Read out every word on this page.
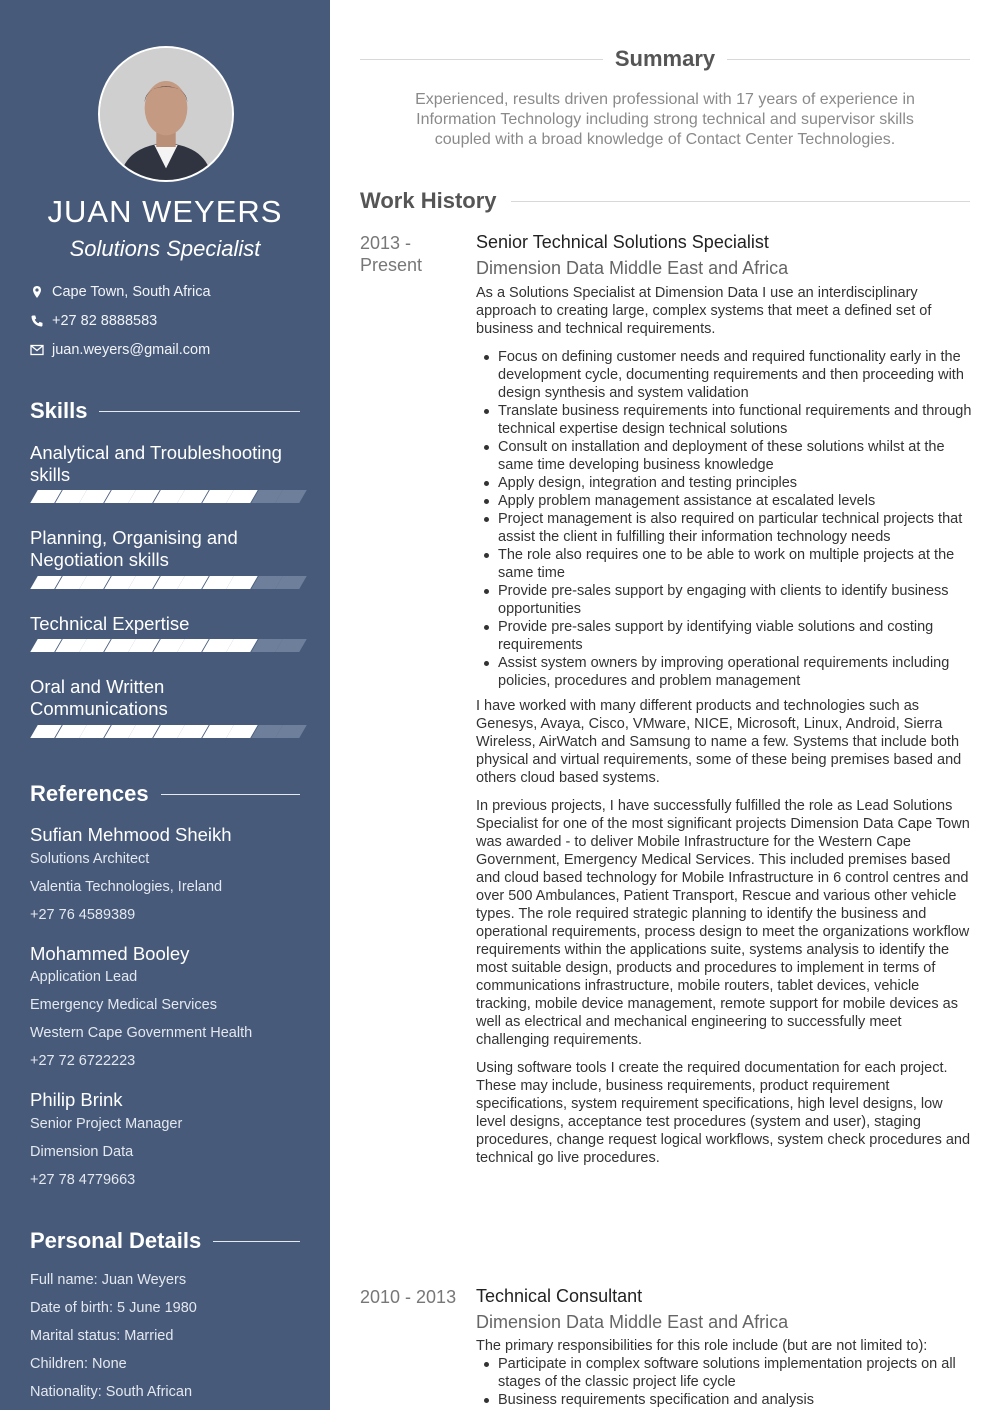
JUAN WEYERS
Solutions Specialist
Cape Town, South Africa
+27 82 8888583
juan.weyers@gmail.com
Skills
Analytical and Troubleshooting skills
Planning, Organising and Negotiation skills
Technical Expertise
Oral and Written Communications
References
Sufian Mehmood Sheikh
Solutions Architect
Valentia Technologies, Ireland
+27 76 4589389
Mohammed Booley
Application Lead
Emergency Medical Services
Western Cape Government Health
+27 72 6722223
Philip Brink
Senior Project Manager
Dimension Data
+27 78 4779663
Personal Details
Full name: Juan Weyers
Date of birth: 5 June 1980
Marital status: Married
Children: None
Nationality: South African
Summary
Experienced, results driven professional with 17 years of experience in Information Technology including strong technical and supervisor skills coupled with a broad knowledge of Contact Center Technologies.
Work History
2013 - Present
Senior Technical Solutions Specialist
Dimension Data Middle East and Africa
As a Solutions Specialist at Dimension Data I use an interdisciplinary approach to creating large, complex systems that meet a defined set of business and technical requirements.
Focus on defining customer needs and required functionality early in the development cycle, documenting requirements and then proceeding with design synthesis and system validation
Translate business requirements into functional requirements and through technical expertise design technical solutions
Consult on installation and deployment of these solutions whilst at the same time developing business knowledge
Apply design, integration and testing principles
Apply problem management assistance at escalated levels
Project management is also required on particular technical projects that assist the client in fulfilling their information technology needs
The role also requires one to be able to work on multiple projects at the same time
Provide pre-sales support by engaging with clients to identify business opportunities
Provide pre-sales support by identifying viable solutions and costing requirements
Assist system owners by improving operational requirements including policies, procedures and problem management
I have worked with many different products and technologies such as Genesys, Avaya, Cisco, VMware, NICE, Microsoft, Linux, Android, Sierra Wireless, AirWatch and Samsung to name a few. Systems that include both physical and virtual requirements, some of these being premises based and others cloud based systems.
In previous projects, I have successfully fulfilled the role as Lead Solutions Specialist for one of the most significant projects Dimension Data Cape Town was awarded - to deliver Mobile Infrastructure for the Western Cape Government, Emergency Medical Services. This included premises based and cloud based technology for Mobile Infrastructure in 6 control centres and over 500 Ambulances, Patient Transport, Rescue and various other vehicle types. The role required strategic planning to identify the business and operational requirements, process design to meet the organizations workflow requirements within the applications suite, systems analysis to identify the most suitable design, products and procedures to implement in terms of communications infrastructure, mobile routers, tablet devices, vehicle tracking, mobile device management, remote support for mobile devices as well as electrical and mechanical engineering to successfully meet challenging requirements.
Using software tools I create the required documentation for each project. These may include, business requirements, product requirement specifications, system requirement specifications, high level designs, low level designs, acceptance test procedures (system and user), staging procedures, change request logical workflows, system check procedures and technical go live procedures.
2010 - 2013	Technical Consultant
Dimension Data Middle East and Africa
The primary responsibilities for this role include (but are not limited to):
Participate in complex software solutions implementation projects on all stages of the classic project life cycle
Business requirements specification and analysis
